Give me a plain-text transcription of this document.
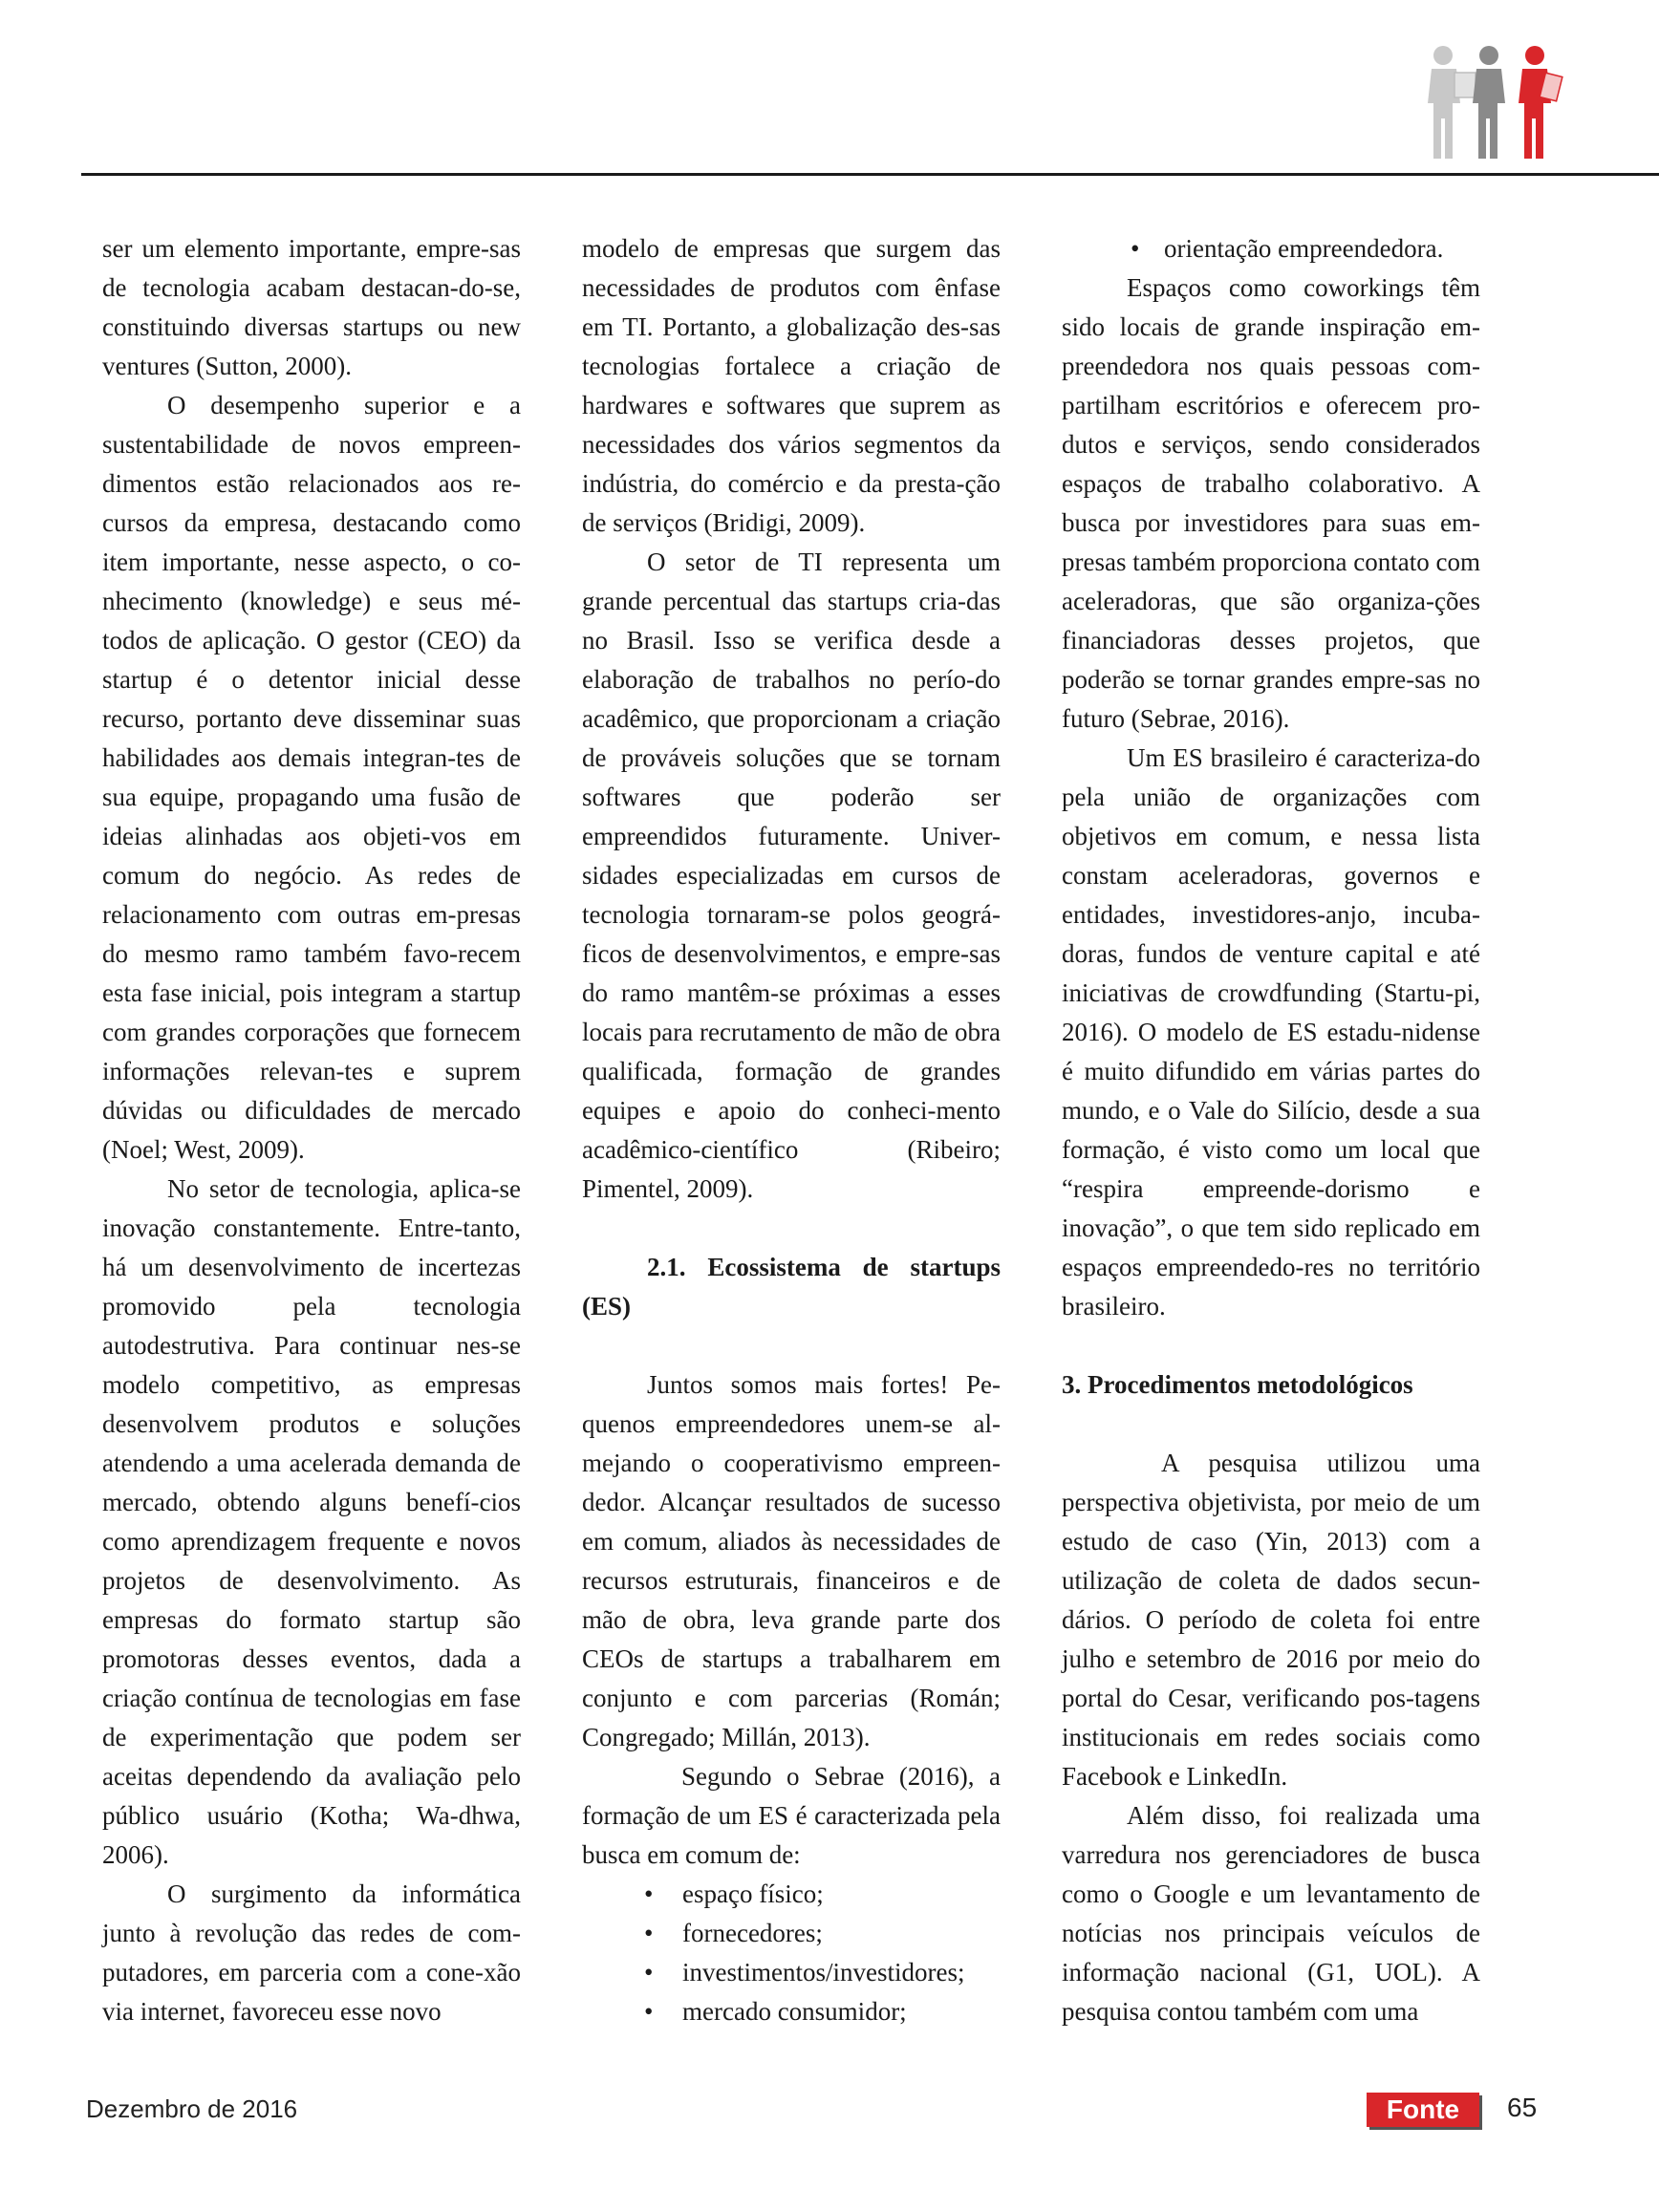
ser um elemento importante, empre-sas de tecnologia acabam destacan-do-se, constituindo diversas startups ou new ventures (Sutton, 2000).

O desempenho superior e a sustentabilidade de novos empreen-dimentos estão relacionados aos re-cursos da empresa, destacando como item importante, nesse aspecto, o co-nhecimento (knowledge) e seus mé-todos de aplicação. O gestor (CEO) da startup é o detentor inicial desse recurso, portanto deve disseminar suas habilidades aos demais integran-tes de sua equipe, propagando uma fusão de ideias alinhadas aos objeti-vos em comum do negócio. As redes de relacionamento com outras em-presas do mesmo ramo também favo-recem esta fase inicial, pois integram a startup com grandes corporações que fornecem informações relevan-tes e suprem dúvidas ou dificuldades de mercado (Noel; West, 2009).

No setor de tecnologia, aplica-se inovação constantemente. Entre-tanto, há um desenvolvimento de incertezas promovido pela tecnologia autodestrutiva. Para continuar nes-se modelo competitivo, as empresas desenvolvem produtos e soluções atendendo a uma acelerada demanda de mercado, obtendo alguns benefí-cios como aprendizagem frequente e novos projetos de desenvolvimento. As empresas do formato startup são promotoras desses eventos, dada a criação contínua de tecnologias em fase de experimentação que podem ser aceitas dependendo da avaliação pelo público usuário (Kotha; Wa-dhwa, 2006).

O surgimento da informática junto à revolução das redes de com-putadores, em parceria com a cone-xão via internet, favoreceu esse novo

modelo de empresas que surgem das necessidades de produtos com ênfase em TI. Portanto, a globalização des-sas tecnologias fortalece a criação de hardwares e softwares que suprem as necessidades dos vários segmentos da indústria, do comércio e da presta-ção de serviços (Bridigi, 2009).

O setor de TI representa um grande percentual das startups cria-das no Brasil. Isso se verifica desde a elaboração de trabalhos no perío-do acadêmico, que proporcionam a criação de prováveis soluções que se tornam softwares que poderão ser empreendidos futuramente. Univer-sidades especializadas em cursos de tecnologia tornaram-se polos geográ-ficos de desenvolvimentos, e empre-sas do ramo mantêm-se próximas a esses locais para recrutamento de mão de obra qualificada, formação de grandes equipes e apoio do conheci-mento acadêmico-científico (Ribeiro; Pimentel, 2009).

2.1. Ecossistema de startups (ES)

Juntos somos mais fortes! Pe-quenos empreendedores unem-se al-mejando o cooperativismo empreen-dedor. Alcançar resultados de sucesso em comum, aliados às necessidades de recursos estruturais, financeiros e de mão de obra, leva grande parte dos CEOs de startups a trabalharem em conjunto e com parcerias (Román; Congregado; Millán, 2013).

Segundo o Sebrae (2016), a formação de um ES é caracterizada pela busca em comum de:

• espaço físico;
• fornecedores;
• investimentos/investidores;
• mercado consumidor;
• orientação empreendedora.

Espaços como coworkings têm sido locais de grande inspiração em-preendedora nos quais pessoas com-partilham escritórios e oferecem pro-dutos e serviços, sendo considerados espaços de trabalho colaborativo. A busca por investidores para suas em-presas também proporciona contato com aceleradoras, que são organiza-ções financiadoras desses projetos, que poderão se tornar grandes empre-sas no futuro (Sebrae, 2016).

Um ES brasileiro é caracteriza-do pela união de organizações com objetivos em comum, e nessa lista constam aceleradoras, governos e entidades, investidores-anjo, incuba-doras, fundos de venture capital e até iniciativas de crowdfunding (Startu-pi, 2016). O modelo de ES estadu-nidense é muito difundido em várias partes do mundo, e o Vale do Silício, desde a sua formação, é visto como um local que “respira empreende-dorismo e inovação”, o que tem sido replicado em espaços empreendedo-res no território brasileiro.

3. Procedimentos metodológicos

A pesquisa utilizou uma perspectiva objetivista, por meio de um estudo de caso (Yin, 2013) com a utilização de coleta de dados secun-dários. O período de coleta foi entre julho e setembro de 2016 por meio do portal do Cesar, verificando pos-tagens institucionais em redes sociais como Facebook e LinkedIn.

Além disso, foi realizada uma varredura nos gerenciadores de busca como o Google e um levantamento de notícias nos principais veículos de informação nacional (G1, UOL). A pesquisa contou também com uma

Dezembro de 2016	Fonte	65
